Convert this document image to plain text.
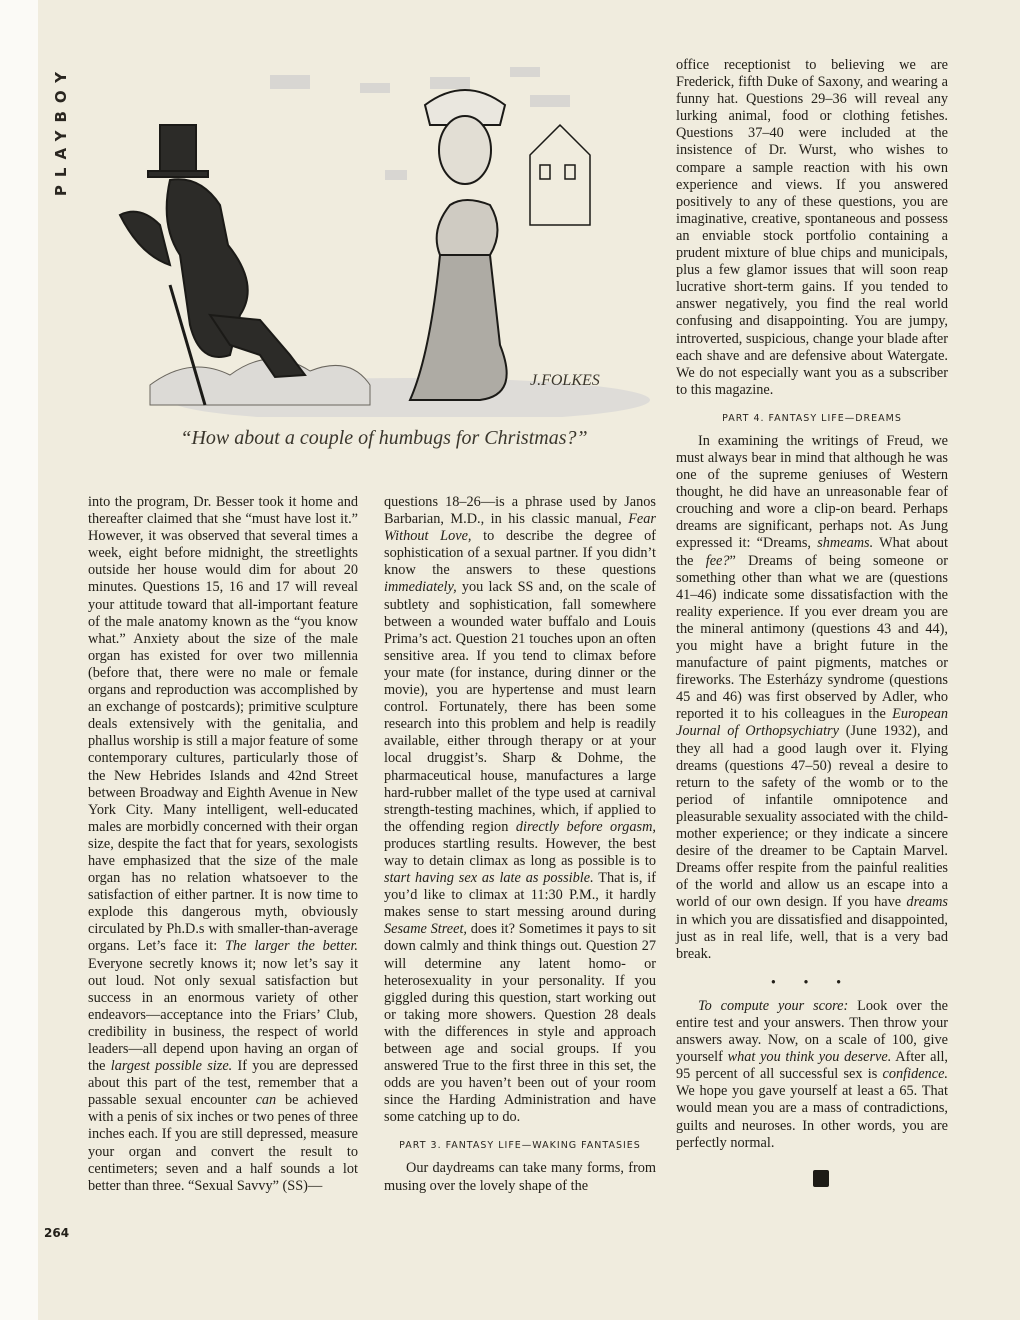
PLAYBOY
J.FOLKES
“How about a couple of humbugs for Christmas?”

into the program, Dr. Besser took it home and thereafter claimed that she “must have lost it.” However, it was observed that several times a week, eight before midnight, the streetlights outside her house would dim for about 20 minutes. Questions 15, 16 and 17 will reveal your attitude toward that all-important feature of the male anatomy known as the “you know what.” Anxiety about the size of the male organ has existed for over two millennia (before that, there were no male or female organs and reproduction was accomplished by an exchange of postcards); primitive sculpture deals extensively with the genitalia, and phallus worship is still a major feature of some contemporary cultures, particularly those of the New Hebrides Islands and 42nd Street between Broadway and Eighth Avenue in New York City. Many intelligent, well-educated males are morbidly concerned with their organ size, despite the fact that for years, sexologists have emphasized that the size of the male organ has no relation whatsoever to the satisfaction of either partner. It is now time to explode this dangerous myth, obviously circulated by Ph.D.s with smaller-than-average organs. Let’s face it: The larger the better. Everyone secretly knows it; now let’s say it out loud. Not only sexual satisfaction but success in an enormous variety of other endeavors—acceptance into the Friars’ Club, credibility in business, the respect of world leaders—all depend upon having an organ of the largest possible size. If you are depressed about this part of the test, remember that a passable sexual encounter can be achieved with a penis of six inches or two penes of three inches each. If you are still depressed, measure your organ and convert the result to centimeters; seven and a half sounds a lot better than three. “Sexual Savvy” (SS)—

questions 18–26—is a phrase used by Janos Barbarian, M.D., in his classic manual, Fear Without Love, to describe the degree of sophistication of a sexual partner. If you didn’t know the answers to these questions immediately, you lack SS and, on the scale of subtlety and sophistication, fall somewhere between a wounded water buffalo and Louis Prima’s act. Question 21 touches upon an often sensitive area. If you tend to climax before your mate (for instance, during dinner or the movie), you are hypertense and must learn control. Fortunately, there has been some research into this problem and help is readily available, either through therapy or at your local druggist’s. Sharp & Dohme, the pharmaceutical house, manufactures a large hard-rubber mallet of the type used at carnival strength-testing machines, which, if applied to the offending region directly before orgasm, produces startling results. However, the best way to detain climax as long as possible is to start having sex as late as possible. That is, if you’d like to climax at 11:30 P.M., it hardly makes sense to start messing around during Sesame Street, does it? Sometimes it pays to sit down calmly and think things out. Question 27 will determine any latent homo- or heterosexuality in your personality. If you giggled during this question, start working out or taking more showers. Question 28 deals with the differences in style and approach between age and social groups. If you answered True to the first three in this set, the odds are you haven’t been out of your room since the Harding Administration and have some catching up to do.

PART 3. FANTASY LIFE—WAKING FANTASIES

Our daydreams can take many forms, from musing over the lovely shape of the

office receptionist to believing we are Frederick, fifth Duke of Saxony, and wearing a funny hat. Questions 29–36 will reveal any lurking animal, food or clothing fetishes. Questions 37–40 were included at the insistence of Dr. Wurst, who wishes to compare a sample reaction with his own experience and views. If you answered positively to any of these questions, you are imaginative, creative, spontaneous and possess an enviable stock portfolio containing a prudent mixture of blue chips and municipals, plus a few glamor issues that will soon reap lucrative short-term gains. If you tended to answer negatively, you find the real world confusing and disappointing. You are jumpy, introverted, suspicious, change your blade after each shave and are defensive about Watergate. We do not especially want you as a subscriber to this magazine.

PART 4. FANTASY LIFE—DREAMS

In examining the writings of Freud, we must always bear in mind that although he was one of the supreme geniuses of Western thought, he did have an unreasonable fear of crouching and wore a clip-on beard. Perhaps dreams are significant, perhaps not. As Jung expressed it: “Dreams, shmeams. What about the fee?” Dreams of being someone or something other than what we are (questions 41–46) indicate some dissatisfaction with the reality experience. If you ever dream you are the mineral antimony (questions 43 and 44), you might have a bright future in the manufacture of paint pigments, matches or fireworks. The Esterházy syndrome (questions 45 and 46) was first observed by Adler, who reported it to his colleagues in the European Journal of Orthopsychiatry (June 1932), and they all had a good laugh over it. Flying dreams (questions 47–50) reveal a desire to return to the safety of the womb or to the period of infantile omnipotence and pleasurable sexuality associated with the child-mother experience; or they indicate a sincere desire of the dreamer to be Captain Marvel. Dreams offer respite from the painful realities of the world and allow us an escape into a world of our own design. If you have dreams in which you are dissatisfied and disappointed, just as in real life, well, that is a very bad break.

• • •

To compute your score: Look over the entire test and your answers. Then throw your answers away. Now, on a scale of 100, give yourself what you think you deserve. After all, 95 percent of all successful sex is confidence. We hope you gave yourself at least a 65. That would mean you are a mass of contradictions, guilts and neuroses. In other words, you are perfectly normal.

264
